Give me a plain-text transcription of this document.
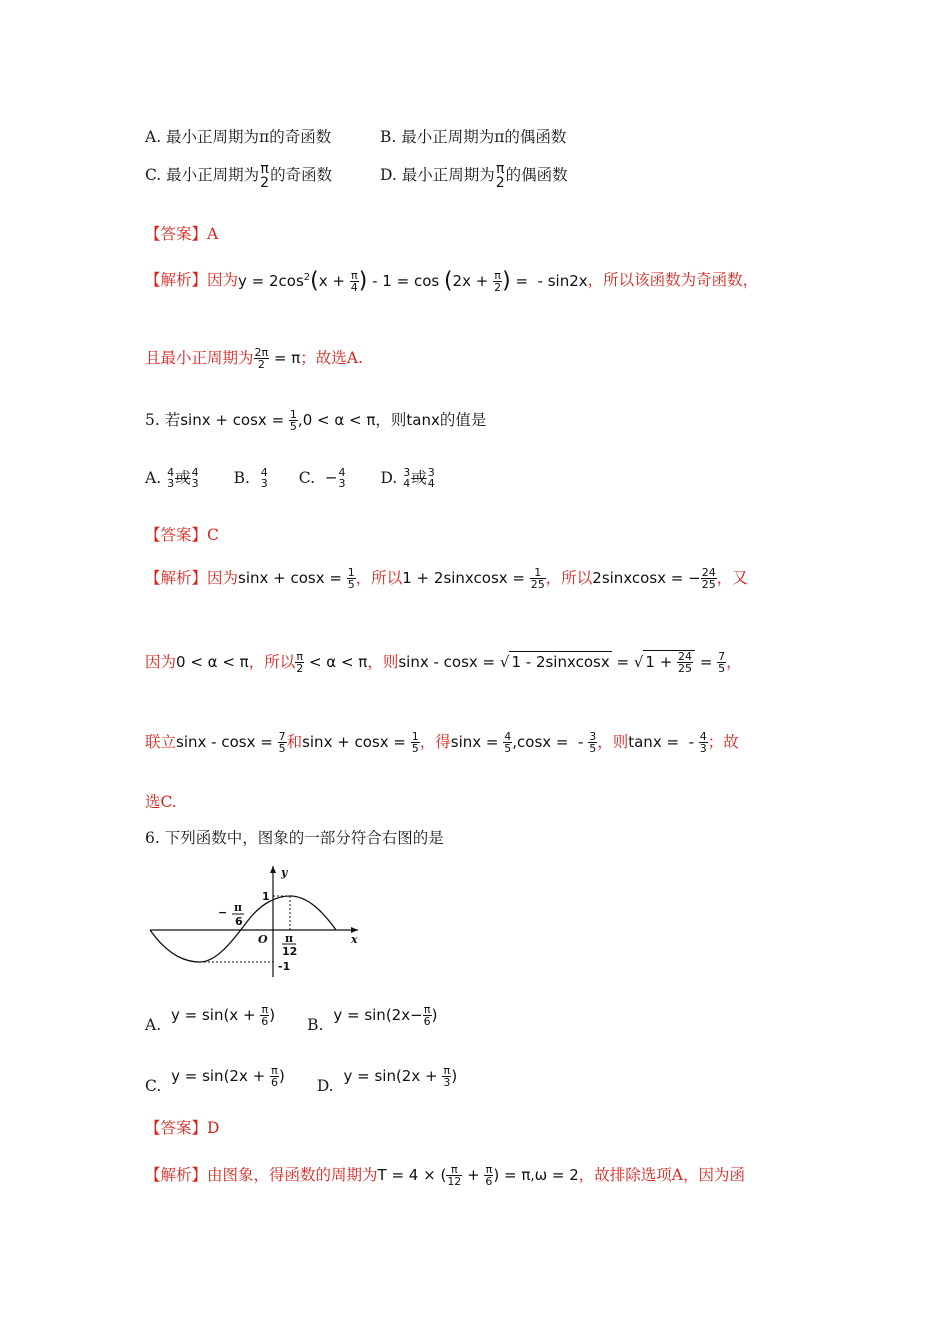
A. 最小正周期为π的奇函数	B. 最小正周期为π的偶函数
C. 最小正周期为 π
2 的奇函数	D. 最小正周期为 π
2 的偶函数
【答案】A
【解析】 因为 $y = 2\cos^2(x + \frac{\pi}{4}$ ) - $1 = \cos (2x + \frac{\pi}{2}$ ) =  - sin2x ，所以该函数为奇函数，
且最小正周期为 $\frac{2\pi}{2} = \pi$ ；故选A.
5. 若 $\sin x + \cos x = \frac{1}{5} ,0 < \alpha < \pi$ ，则 tanx 的值是
A.
4
3 或 4
3 B.
4
3 C.
− 4
3 D.
3
4 或 3
4
【答案】C
【解析】 因为 $\sin x + \cos x = \frac{1}{5}$ ，所以 1 + 2sinxcosx = $\frac{1}{25}$ ，所以 2sinxcosx = − $\frac{24}{25}$ ，又
因为 0 < α < π ，所以 $\frac{\pi}{2} < \alpha < \pi$ ，则 sinx - cosx = √ 1 - 2sinxcosx = √ $1 + \frac{24}{25} = \frac{7}{5}$ ，
联立 $\sin x - \cos x = \frac{7}{5}$ 和 $\sin x + \cos x = \frac{1}{5}$ ，得 $\sin x = \frac{4}{5} ,\cos x$ =  - $\frac{3}{5}$ ，则 tanx =  - $\frac{4}{3}$ ；故
选C.
6. 下列函数中，图象的一部分符合右图的是
y
x
O
1
-1
− π
6
π
12
A.

$y = \sin(x + \frac{\pi}{6}$ )
B.

$y = \sin(2x- \frac{\pi}{6}$ )
C.

$y = \sin(2x + \frac{\pi}{6}$ )
D.

$y = \sin(2x + \frac{\pi}{3}$ )
【答案】D
【解析】 由图象，得函数的周期为 T = 4 × ( $\frac{\pi}{12} + \frac{\pi}{6}$ ) = π,ω = 2 ，故排除选项A，因为函
